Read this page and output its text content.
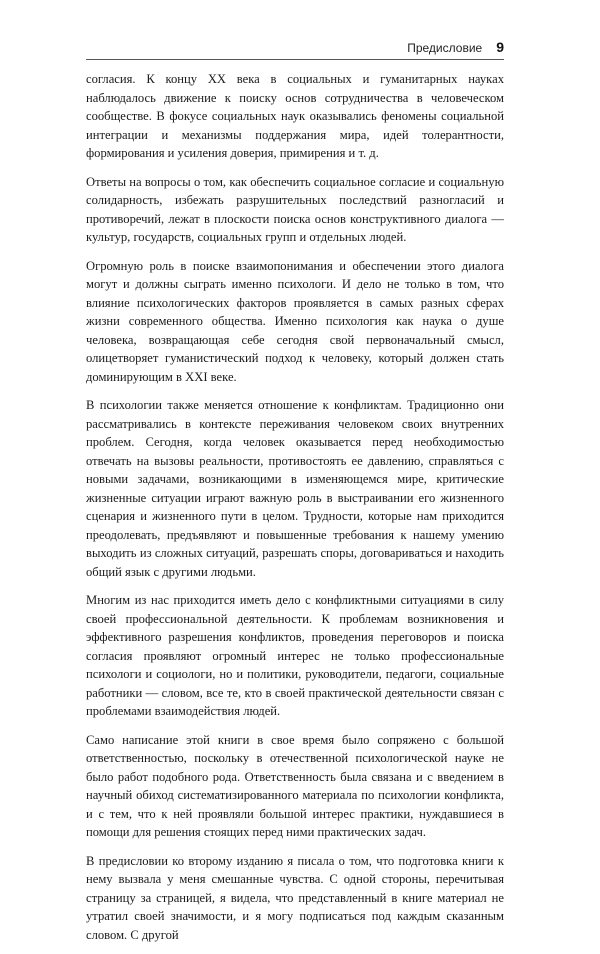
Предисловие 9

согласия. К концу XX века в социальных и гуманитарных науках наблюдалось движение к поиску основ сотрудничества в человеческом сообществе. В фокусе социальных наук оказывались феномены социальной интеграции и механизмы поддержания мира, идей толерантности, формирования и усиления доверия, примирения и т. д.

Ответы на вопросы о том, как обеспечить социальное согласие и социальную солидарность, избежать разрушительных последствий разногласий и противоречий, лежат в плоскости поиска основ конструктивного диалога — культур, государств, социальных групп и отдельных людей.

Огромную роль в поиске взаимопонимания и обеспечении этого диалога могут и должны сыграть именно психологи. И дело не только в том, что влияние психологических факторов проявляется в самых разных сферах жизни современного общества. Именно психология как наука о душе человека, возвращающая себе сегодня свой первоначальный смысл, олицетворяет гуманистический подход к человеку, который должен стать доминирующим в XXI веке.

В психологии также меняется отношение к конфликтам. Традиционно они рассматривались в контексте переживания человеком своих внутренних проблем. Сегодня, когда человек оказывается перед необходимостью отвечать на вызовы реальности, противостоять ее давлению, справляться с новыми задачами, возникающими в изменяющемся мире, критические жизненные ситуации играют важную роль в выстраивании его жизненного сценария и жизненного пути в целом. Трудности, которые нам приходится преодолевать, предъявляют и повышенные требования к нашему умению выходить из сложных ситуаций, разрешать споры, договариваться и находить общий язык с другими людьми.

Многим из нас приходится иметь дело с конфликтными ситуациями в силу своей профессиональной деятельности. К проблемам возникновения и эффективного разрешения конфликтов, проведения переговоров и поиска согласия проявляют огромный интерес не только профессиональные психологи и социологи, но и политики, руководители, педагоги, социальные работники — словом, все те, кто в своей практической деятельности связан с проблемами взаимодействия людей.

Само написание этой книги в свое время было сопряжено с большой ответственностью, поскольку в отечественной психологической науке не было работ подобного рода. Ответственность была связана и с введением в научный обиход систематизированного материала по психологии конфликта, и с тем, что к ней проявляли большой интерес практики, нуждавшиеся в помощи для решения стоящих перед ними практических задач.

В предисловии ко второму изданию я писала о том, что подготовка книги к нему вызвала у меня смешанные чувства. С одной стороны, перечитывая страницу за страницей, я видела, что представленный в книге материал не утратил своей значимости, и я могу подписаться под каждым сказанным словом. С другой
